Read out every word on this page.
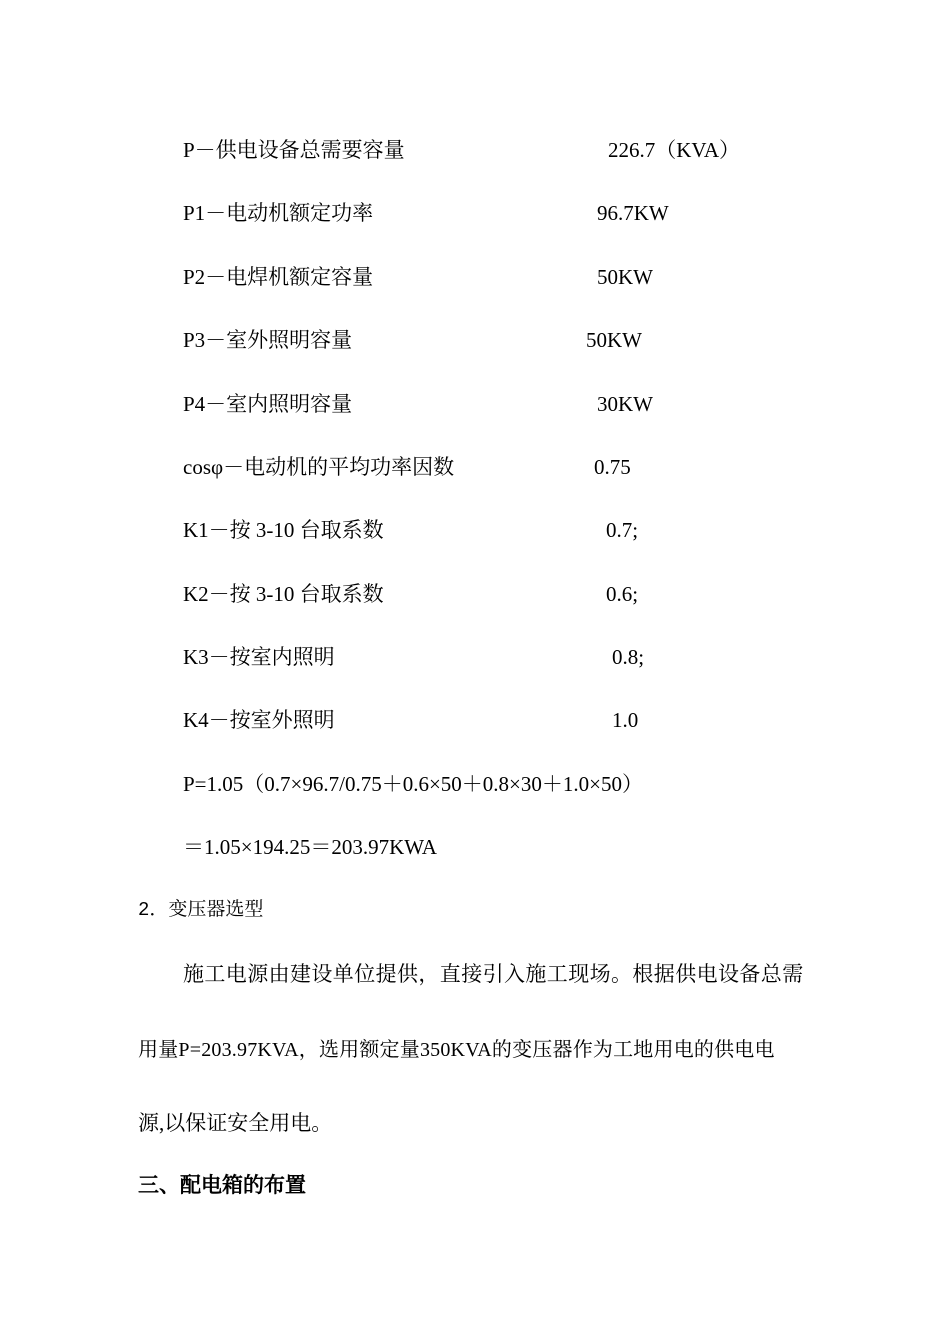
P－供电设备总需要容量	226.7（KVA）
P1－电动机额定功率	96.7KW
P2－电焊机额定容量	50KW
P3－室外照明容量	50KW
P4－室内照明容量	30KW
cosφ－电动机的平均功率因数	0.75
K1－按 3-10 台取系数	0.7;
K2－按 3-10 台取系数	0.6;
K3－按室内照明	0.8;
K4－按室外照明	1.0
P=1.05（0.7×96.7/0.75＋0.6×50＋0.8×30＋1.0×50）
＝1.05×194.25＝203.97KWA
2．变压器选型
施工电源由建设单位提供，直接引入施工现场。根据供电设备总需
用量P=203.97KVA，选用额定量350KVA的变压器作为工地用电的供电电
源,以保证安全用电。
三、配电箱的布置
